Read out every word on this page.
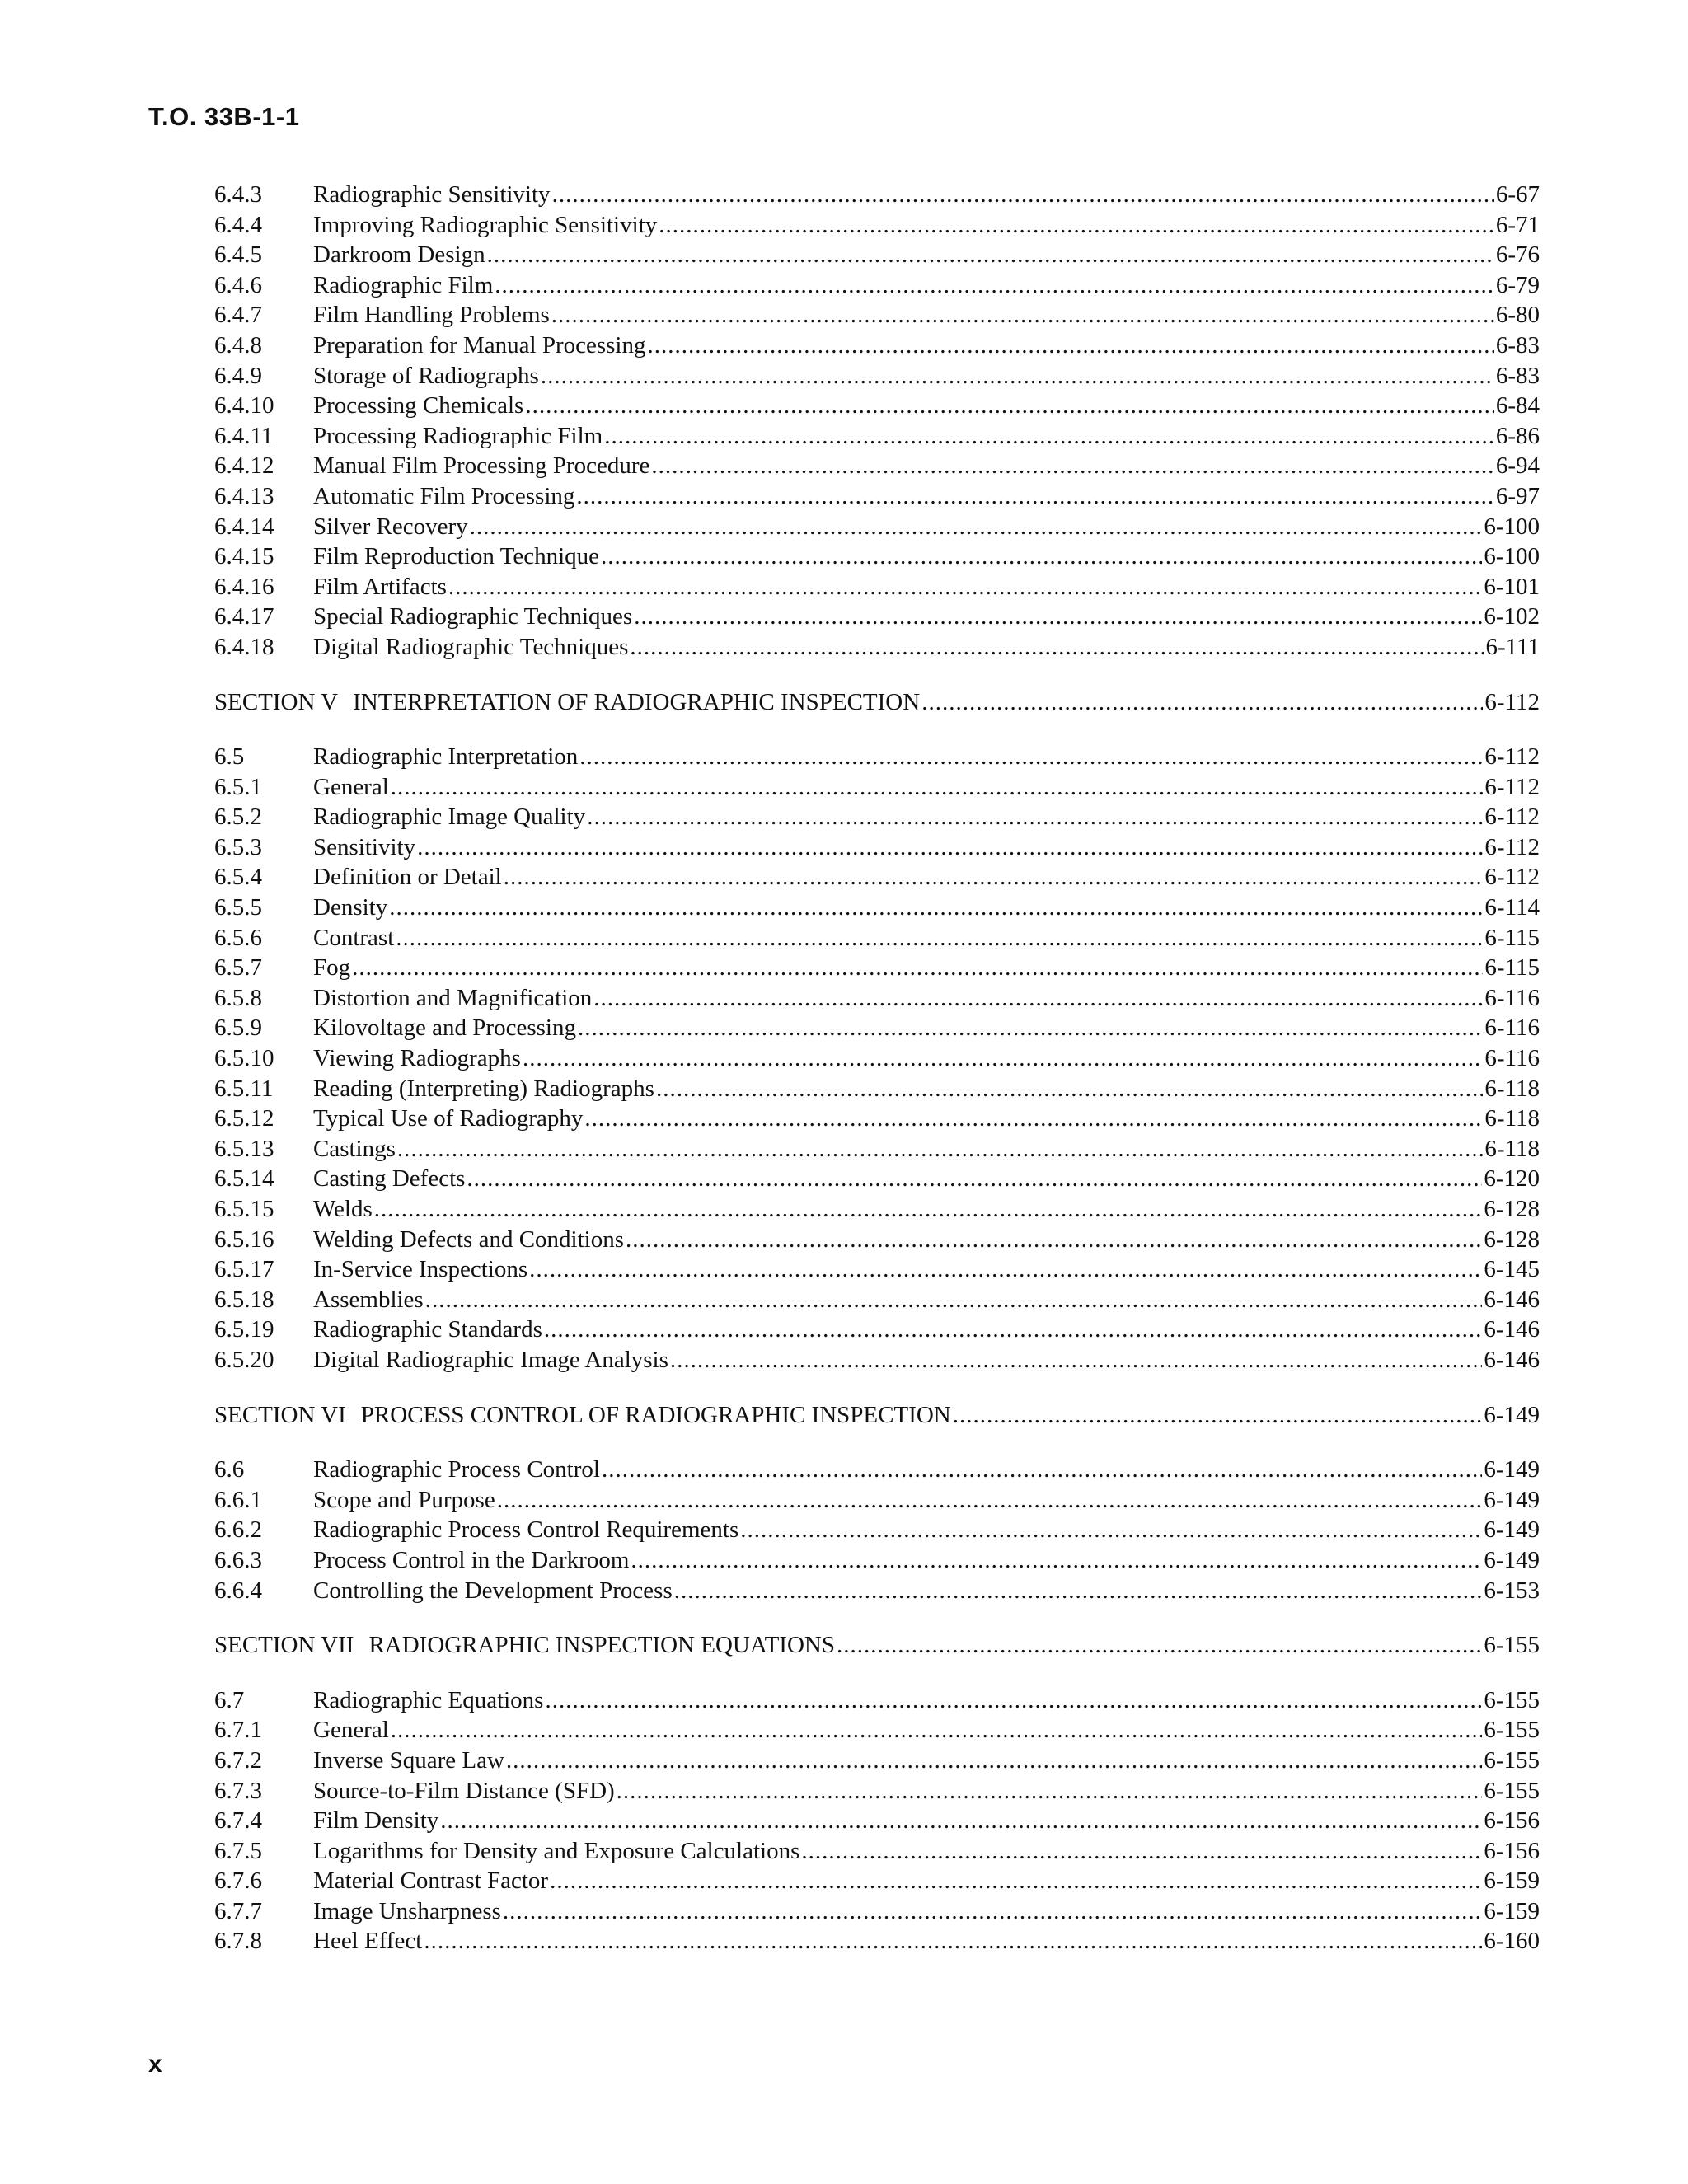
T.O. 33B-1-1
6.4.3	Radiographic Sensitivity .....	6-67
6.4.4	Improving Radiographic Sensitivity .....	6-71
6.4.5	Darkroom Design .....	6-76
6.4.6	Radiographic Film .....	6-79
6.4.7	Film Handling Problems .....	6-80
6.4.8	Preparation for Manual Processing .....	6-83
6.4.9	Storage of Radiographs .....	6-83
6.4.10	Processing Chemicals .....	6-84
6.4.11	Processing Radiographic Film .....	6-86
6.4.12	Manual Film Processing Procedure .....	6-94
6.4.13	Automatic Film Processing .....	6-97
6.4.14	Silver Recovery .....	6-100
6.4.15	Film Reproduction Technique .....	6-100
6.4.16	Film Artifacts .....	6-101
6.4.17	Special Radiographic Techniques .....	6-102
6.4.18	Digital Radiographic Techniques .....	6-111
SECTION V INTERPRETATION OF RADIOGRAPHIC INSPECTION .....	6-112
6.5	Radiographic Interpretation .....	6-112
6.5.1	General .....	6-112
6.5.2	Radiographic Image Quality .....	6-112
6.5.3	Sensitivity .....	6-112
6.5.4	Definition or Detail .....	6-112
6.5.5	Density .....	6-114
6.5.6	Contrast .....	6-115
6.5.7	Fog .....	6-115
6.5.8	Distortion and Magnification .....	6-116
6.5.9	Kilovoltage and Processing .....	6-116
6.5.10	Viewing Radiographs .....	6-116
6.5.11	Reading (Interpreting) Radiographs .....	6-118
6.5.12	Typical Use of Radiography .....	6-118
6.5.13	Castings .....	6-118
6.5.14	Casting Defects .....	6-120
6.5.15	Welds .....	6-128
6.5.16	Welding Defects and Conditions .....	6-128
6.5.17	In-Service Inspections .....	6-145
6.5.18	Assemblies .....	6-146
6.5.19	Radiographic Standards .....	6-146
6.5.20	Digital Radiographic Image Analysis .....	6-146
SECTION VI PROCESS CONTROL OF RADIOGRAPHIC INSPECTION .....	6-149
6.6	Radiographic Process Control .....	6-149
6.6.1	Scope and Purpose .....	6-149
6.6.2	Radiographic Process Control Requirements .....	6-149
6.6.3	Process Control in the Darkroom .....	6-149
6.6.4	Controlling the Development Process .....	6-153
SECTION VII RADIOGRAPHIC INSPECTION EQUATIONS .....	6-155
6.7	Radiographic Equations .....	6-155
6.7.1	General .....	6-155
6.7.2	Inverse Square Law .....	6-155
6.7.3	Source-to-Film Distance (SFD) .....	6-155
6.7.4	Film Density .....	6-156
6.7.5	Logarithms for Density and Exposure Calculations .....	6-156
6.7.6	Material Contrast Factor .....	6-159
6.7.7	Image Unsharpness .....	6-159
6.7.8	Heel Effect .....	6-160
x
